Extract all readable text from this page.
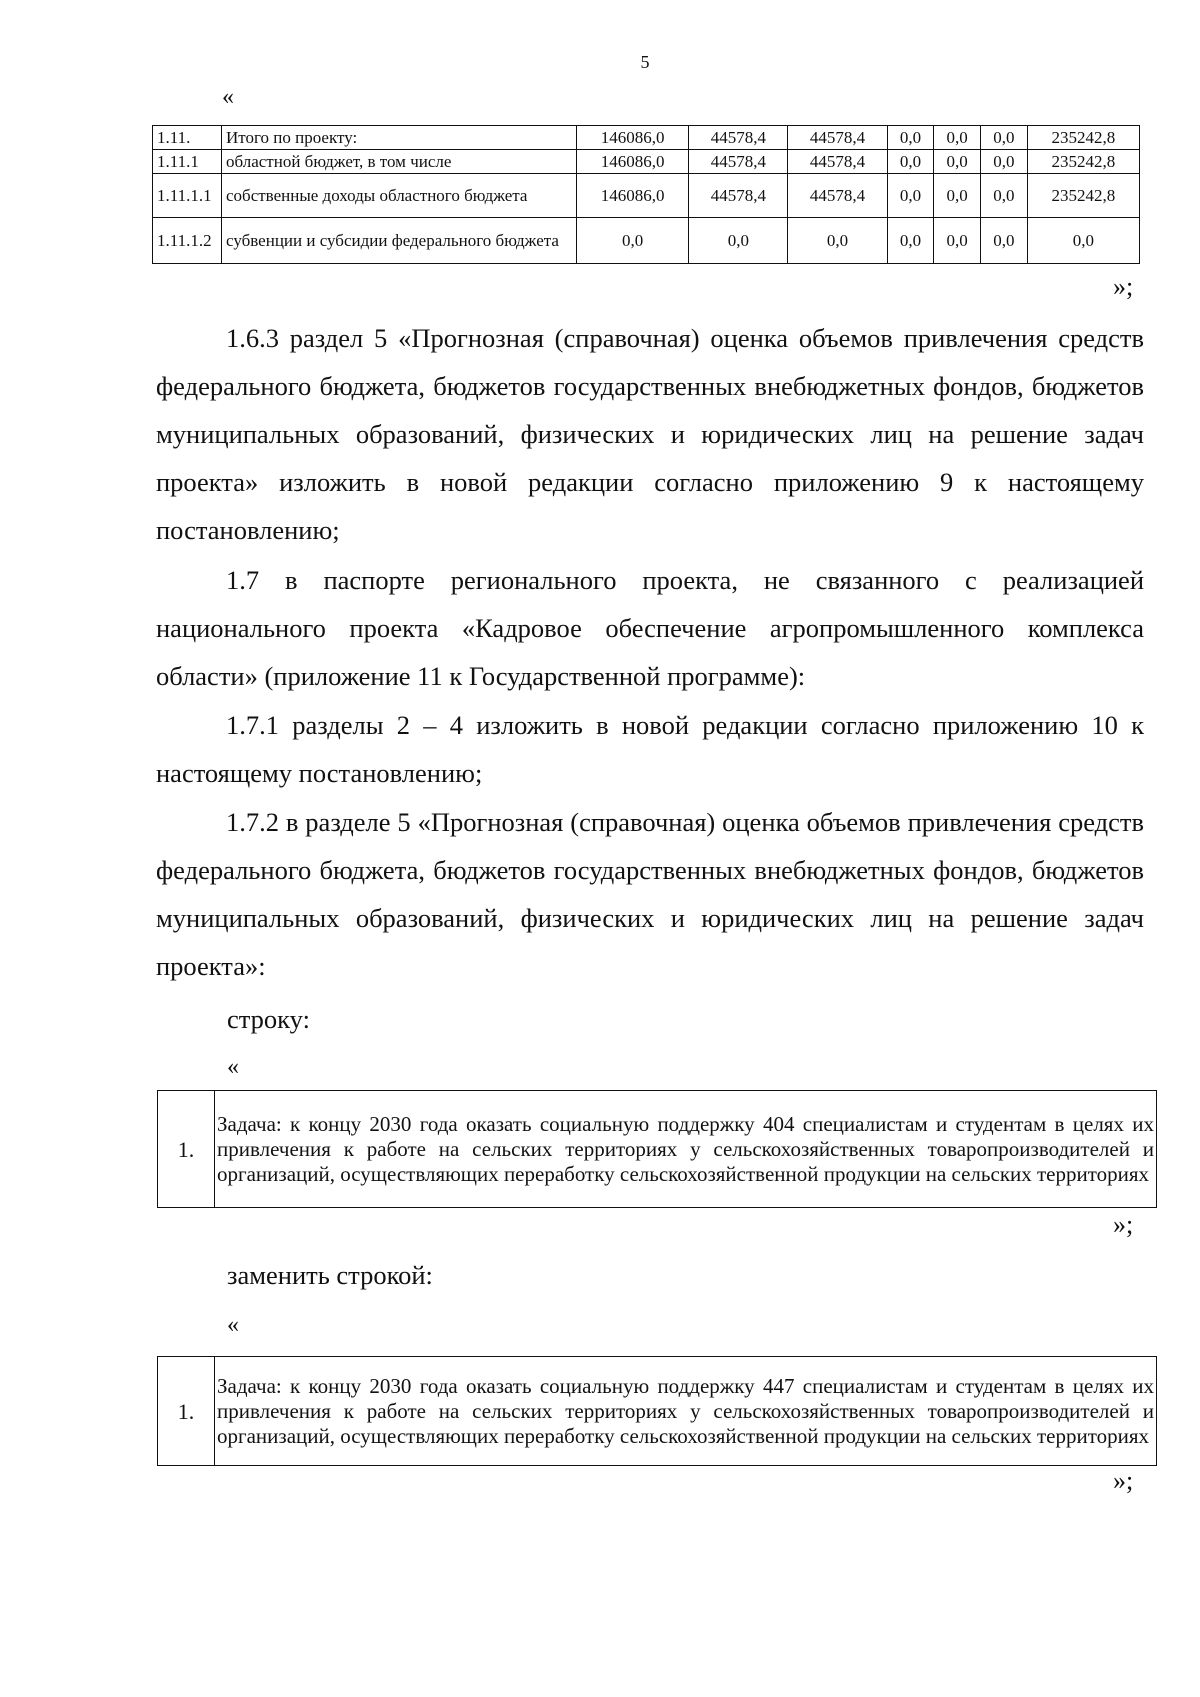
5
«
1.11.	Итого по проекту:	146086,0	44578,4	44578,4	0,0	0,0	0,0	235242,8
1.11.1	областной бюджет, в том числе	146086,0	44578,4	44578,4	0,0	0,0	0,0	235242,8
1.11.1.1	собственные доходы областного бюджета	146086,0	44578,4	44578,4	0,0	0,0	0,0	235242,8
1.11.1.2	субвенции и субсидии федерального бюджета	0,0	0,0	0,0	0,0	0,0	0,0	0,0
»;
1.6.3 раздел 5 «Прогнозная (справочная) оценка объемов привлечения средств федерального бюджета, бюджетов государственных внебюджетных фондов, бюджетов муниципальных образований, физических и юридических лиц на решение задач проекта» изложить в новой редакции согласно приложению 9 к настоящему постановлению;
1.7 в паспорте регионального проекта, не связанного с реализацией национального проекта «Кадровое обеспечение агропромышленного комплекса области» (приложение 11 к Государственной программе):
1.7.1 разделы 2 – 4 изложить в новой редакции согласно приложению 10 к настоящему постановлению;
1.7.2 в разделе 5 «Прогнозная (справочная) оценка объемов привлечения средств федерального бюджета, бюджетов государственных внебюджетных фондов, бюджетов муниципальных образований, физических и юридических лиц на решение задач проекта»:
строку:
«
1.	Задача: к концу 2030 года оказать социальную поддержку 404 специалистам и студентам в целях их привлечения к работе на сельских территориях у сельскохозяйственных товаропроизводителей и организаций, осуществляющих переработку сельскохозяйственной продукции на сельских территориях
»;
заменить строкой:
«
1.	Задача: к концу 2030 года оказать социальную поддержку 447 специалистам и студентам в целях их привлечения к работе на сельских территориях у сельскохозяйственных товаропроизводителей и организаций, осуществляющих переработку сельскохозяйственной продукции на сельских территориях
»;
